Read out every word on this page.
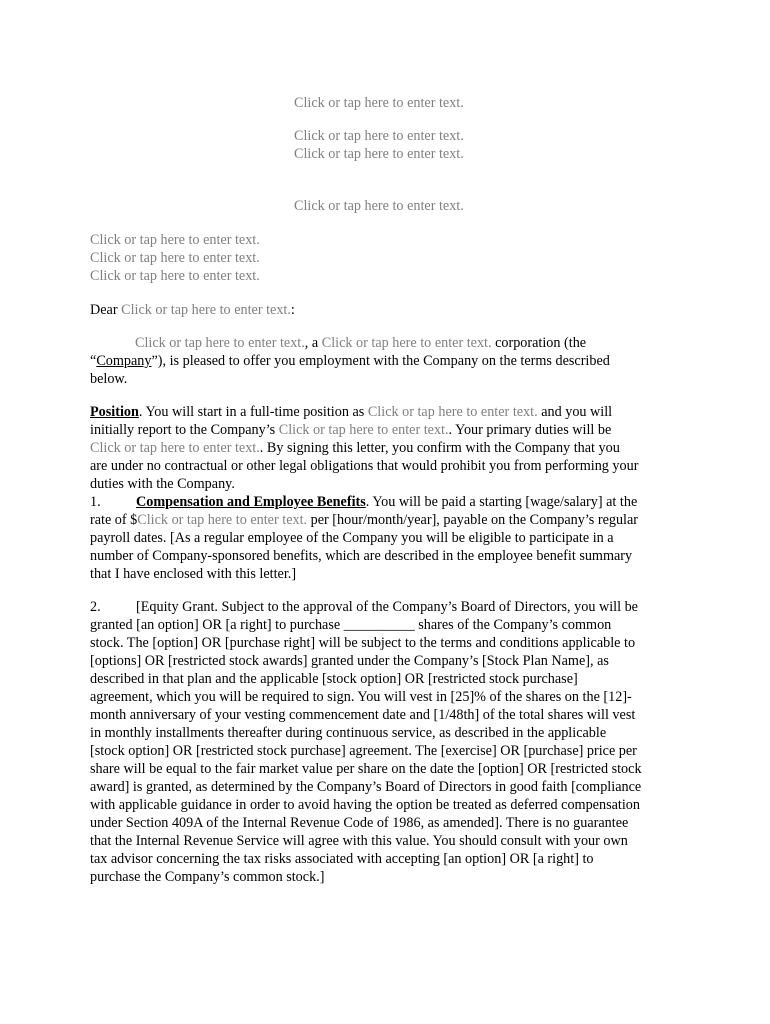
Click or tap here to enter text.
Click or tap here to enter text.
Click or tap here to enter text.
Click or tap here to enter text.
Click or tap here to enter text.
Click or tap here to enter text.
Click or tap here to enter text.
Dear Click or tap here to enter text.:
Click or tap here to enter text., a Click or tap here to enter text. corporation (the
“Company”), is pleased to offer you employment with the Company on the terms described
below.
Position. You will start in a full-time position as Click or tap here to enter text. and you will
initially report to the Company’s Click or tap here to enter text.. Your primary duties will be
Click or tap here to enter text.. By signing this letter, you confirm with the Company that you
are under no contractual or other legal obligations that would prohibit you from performing your
duties with the Company.
1. Compensation and Employee Benefits. You will be paid a starting [wage/salary] at the
rate of $Click or tap here to enter text. per [hour/month/year], payable on the Company’s regular
payroll dates. [As a regular employee of the Company you will be eligible to participate in a
number of Company-sponsored benefits, which are described in the employee benefit summary
that I have enclosed with this letter.]
2. [Equity Grant. Subject to the approval of the Company’s Board of Directors, you will be
granted [an option] OR [a right] to purchase __________ shares of the Company’s common
stock. The [option] OR [purchase right] will be subject to the terms and conditions applicable to
[options] OR [restricted stock awards] granted under the Company’s [Stock Plan Name], as
described in that plan and the applicable [stock option] OR [restricted stock purchase]
agreement, which you will be required to sign. You will vest in [25]% of the shares on the [12]-
month anniversary of your vesting commencement date and [1/48th] of the total shares will vest
in monthly installments thereafter during continuous service, as described in the applicable
[stock option] OR [restricted stock purchase] agreement. The [exercise] OR [purchase] price per
share will be equal to the fair market value per share on the date the [option] OR [restricted stock
award] is granted, as determined by the Company’s Board of Directors in good faith [compliance
with applicable guidance in order to avoid having the option be treated as deferred compensation
under Section 409A of the Internal Revenue Code of 1986, as amended]. There is no guarantee
that the Internal Revenue Service will agree with this value. You should consult with your own
tax advisor concerning the tax risks associated with accepting [an option] OR [a right] to
purchase the Company’s common stock.]
